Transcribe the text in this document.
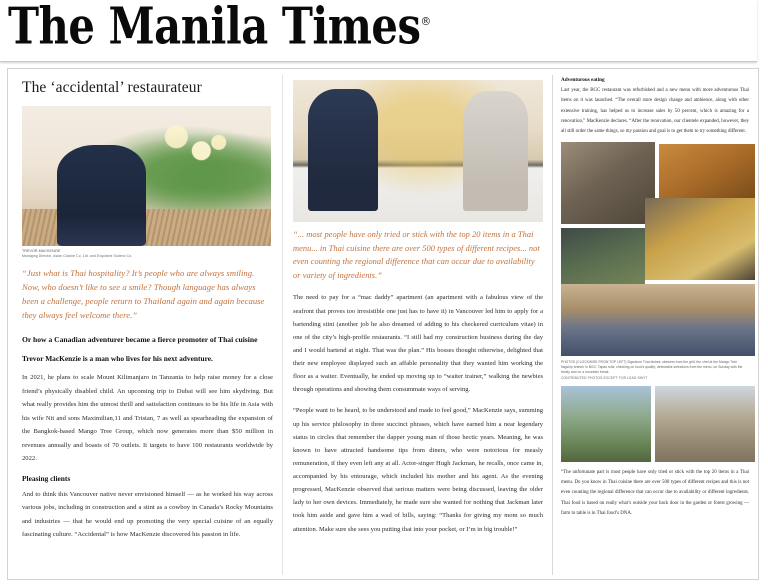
The Manila Times®
The ‘accidental’ restaurateur
TREVOR MACKENZIE
Managing Director, Asian Cuisine Co. Ltd. and Exquisine Sodexo Co.
“Just what is Thai hospitality? It’s people who are always smiling. Now, who doesn’t like to see a smile? Though language has always been a challenge, people return to Thailand again and again because they always feel welcome there.”
Or how a Canadian adventurer became a fierce promoter of Thai cuisine
Trevor MacKenzie is a man who lives for his next adventure.
In 2021, he plans to scale Mount Kilimanjaro in Tanzania to help raise money for a close friend’s physically disabled child. An upcoming trip to Dubai will see him skydiving. But what really provides him the utmost thrill and satisfaction continues to be his life in Asia with his wife Nit and sons Maximilian,11 and Tristan, 7 as well as spearheading the expansion of the Bangkok-based Mango Tree Group, which now generates more than $50 million in revenues annually and boasts of 70 outlets. It targets to have 100 restaurants worldwide by 2022.
Pleasing clients
And to think this Vancouver native never envisioned himself — as he worked his way across various jobs, including in construction and a stint as a cowboy in Canada’s Rocky Mountains and industries — that he would end up promoting the very special cuisine of an equally fascinating culture. “Accidental” is how MacKenzie discovered his passion in life.
“... most people have only tried or stick with the top 20 items in a Thai menu... in Thai cuisine there are over 500 types of different recipes... not even counting the regional difference that can occur due to availability or variety of ingredients.”
The need to pay for a “mac daddy” apartment (an apartment with a fabulous view of the seafront that proves too irresistible one just has to have it) in Vancouver led him to apply for a bartending stint (another job he also dreamed of adding to his checkered curriculum vitae) in one of the city’s high-profile restaurants. “I still had my construction business during the day and I would bartend at night. That was the plan.” His bosses thought otherwise, delighted that their new employee displayed such an affable personality that they wanted him working the floor as a waiter. Eventually, he ended up moving up to “waiter trainer,” walking the newbies through operations and showing them consummate ways of serving.
“People want to be heard, to be understood and made to feel good,” MacKenzie says, summing up his service philosophy in three succinct phrases, which have earned him a near legendary status in circles that remember the dapper young man of those hectic years. Meaning, he was known to have attracted handsome tips from diners, who were notorious for measly remuneration, if they even left any at all. Actor-singer Hugh Jackman, he recalls, once came in, accompanied by his entourage, which included his mother and his agent. As the evening progressed, MacKenzie observed that serious matters were being discussed, leaving the older lady to her own devices. Immediately, he made sure she wanted for nothing that Jackman later took him aside and gave him a wad of bills, saying: “Thanks for giving my mom so much attention. Make sure she sees you putting that into your pocket, or I’m in big trouble!”
Adventurous eating
Last year, the BGC restaurant was refurbished and a new menu with more adventurous Thai items on it was launched. “The overall store design change and ambience, along with other extensive training, has helped us to increase sales by 50 percent, which is amazing for a renovation,” MacKenzie declares. “After the renovation, our clientele expanded, however, they all still order the same things, so my passion and goal is to get them to try something different.
PHOTOS (CLOCKWISE FROM TOP LEFT) Signature Thai dishes; skewers from the grill; the chef at the Mango Tree flagship branch in BGC; Tapas rolls; checking on food’s quality; delectable selections from the menu; on Sunday with the family and on a mountain break.
CONTRIBUTED PHOTOS EXCEPT FOR LEAD SHOT
“The unfortunate part is most people have only tried or stick with the top 20 items in a Thai menu. Do you know in Thai cuisine there are over 500 types of different recipes and this is not even counting the regional difference that can occur due to availability or different ingredients. Thai food is based on really what’s outside your back door in the garden or forest growing — farm to table is in Thai food’s DNA.
